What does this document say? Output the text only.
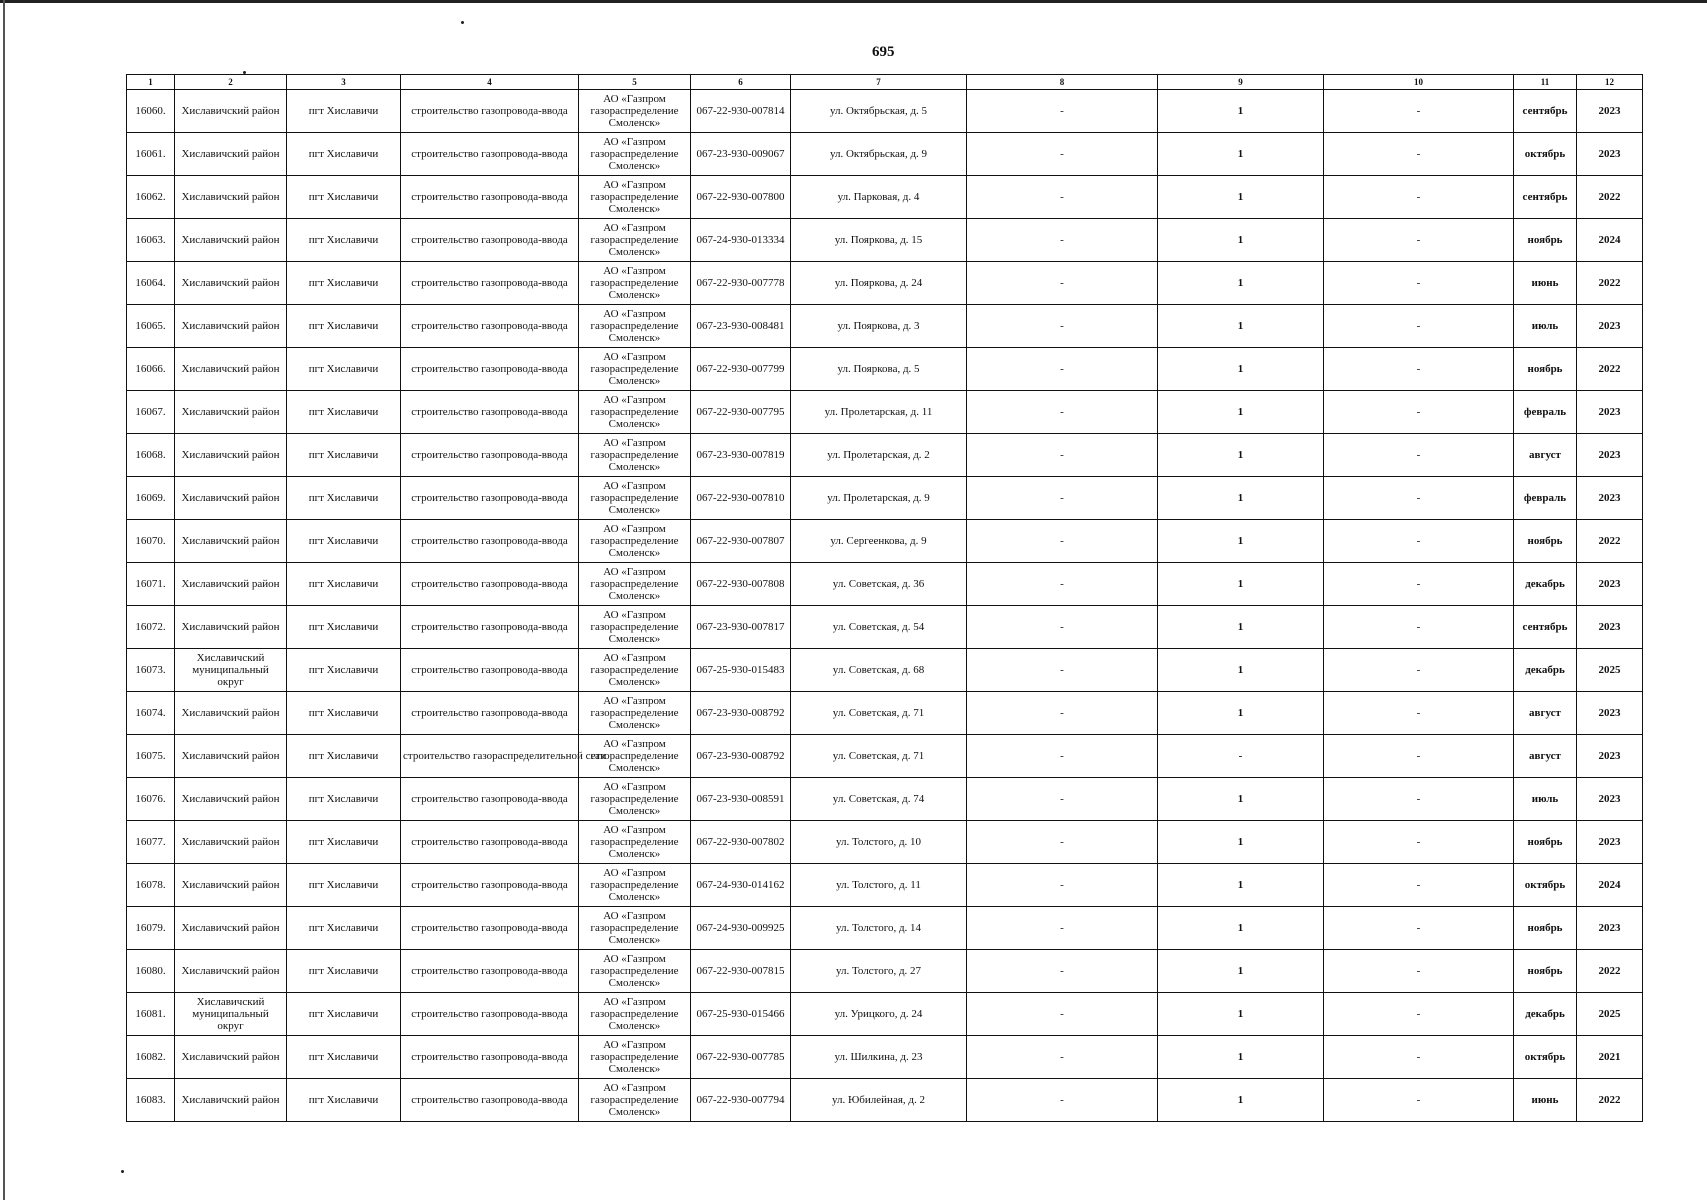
695
1	2	3	4	5	6	7	8	9	10	11	12
16060.	Хиславичский район	пгт Хиславичи	строительство газопровода-ввода	АО «Газпром
газораспределение
Смоленск»	067-22-930-007814	ул. Октябрьская, д. 5	-	1	-	сентябрь	2023
16061.	Хиславичский район	пгт Хиславичи	строительство газопровода-ввода	АО «Газпром
газораспределение
Смоленск»	067-23-930-009067	ул. Октябрьская, д. 9	-	1	-	октябрь	2023
16062.	Хиславичский район	пгт Хиславичи	строительство газопровода-ввода	АО «Газпром
газораспределение
Смоленск»	067-22-930-007800	ул. Парковая, д. 4	-	1	-	сентябрь	2022
16063.	Хиславичский район	пгт Хиславичи	строительство газопровода-ввода	АО «Газпром
газораспределение
Смоленск»	067-24-930-013334	ул. Пояркова, д. 15	-	1	-	ноябрь	2024
16064.	Хиславичский район	пгт Хиславичи	строительство газопровода-ввода	АО «Газпром
газораспределение
Смоленск»	067-22-930-007778	ул. Пояркова, д. 24	-	1	-	июнь	2022
16065.	Хиславичский район	пгт Хиславичи	строительство газопровода-ввода	АО «Газпром
газораспределение
Смоленск»	067-23-930-008481	ул. Пояркова, д. 3	-	1	-	июль	2023
16066.	Хиславичский район	пгт Хиславичи	строительство газопровода-ввода	АО «Газпром
газораспределение
Смоленск»	067-22-930-007799	ул. Пояркова, д. 5	-	1	-	ноябрь	2022
16067.	Хиславичский район	пгт Хиславичи	строительство газопровода-ввода	АО «Газпром
газораспределение
Смоленск»	067-22-930-007795	ул. Пролетарская, д. 11	-	1	-	февраль	2023
16068.	Хиславичский район	пгт Хиславичи	строительство газопровода-ввода	АО «Газпром
газораспределение
Смоленск»	067-23-930-007819	ул. Пролетарская, д. 2	-	1	-	август	2023
16069.	Хиславичский район	пгт Хиславичи	строительство газопровода-ввода	АО «Газпром
газораспределение
Смоленск»	067-22-930-007810	ул. Пролетарская, д. 9	-	1	-	февраль	2023
16070.	Хиславичский район	пгт Хиславичи	строительство газопровода-ввода	АО «Газпром
газораспределение
Смоленск»	067-22-930-007807	ул. Сергеенкова, д. 9	-	1	-	ноябрь	2022
16071.	Хиславичский район	пгт Хиславичи	строительство газопровода-ввода	АО «Газпром
газораспределение
Смоленск»	067-22-930-007808	ул. Советская, д. 36	-	1	-	декабрь	2023
16072.	Хиславичский район	пгт Хиславичи	строительство газопровода-ввода	АО «Газпром
газораспределение
Смоленск»	067-23-930-007817	ул. Советская, д. 54	-	1	-	сентябрь	2023
16073.	Хиславичский
муниципальный
округ	пгт Хиславичи	строительство газопровода-ввода	АО «Газпром
газораспределение
Смоленск»	067-25-930-015483	ул. Советская, д. 68	-	1	-	декабрь	2025
16074.	Хиславичский район	пгт Хиславичи	строительство газопровода-ввода	АО «Газпром
газораспределение
Смоленск»	067-23-930-008792	ул. Советская, д. 71	-	1	-	август	2023
16075.	Хиславичский район	пгт Хиславичи	строительство газораспределительной сети	АО «Газпром
газораспределение
Смоленск»	067-23-930-008792	ул. Советская, д. 71	-	-	-	август	2023
16076.	Хиславичский район	пгт Хиславичи	строительство газопровода-ввода	АО «Газпром
газораспределение
Смоленск»	067-23-930-008591	ул. Советская, д. 74	-	1	-	июль	2023
16077.	Хиславичский район	пгт Хиславичи	строительство газопровода-ввода	АО «Газпром
газораспределение
Смоленск»	067-22-930-007802	ул. Толстого, д. 10	-	1	-	ноябрь	2023
16078.	Хиславичский район	пгт Хиславичи	строительство газопровода-ввода	АО «Газпром
газораспределение
Смоленск»	067-24-930-014162	ул. Толстого, д. 11	-	1	-	октябрь	2024
16079.	Хиславичский район	пгт Хиславичи	строительство газопровода-ввода	АО «Газпром
газораспределение
Смоленск»	067-24-930-009925	ул. Толстого, д. 14	-	1	-	ноябрь	2023
16080.	Хиславичский район	пгт Хиславичи	строительство газопровода-ввода	АО «Газпром
газораспределение
Смоленск»	067-22-930-007815	ул. Толстого, д. 27	-	1	-	ноябрь	2022
16081.	Хиславичский
муниципальный
округ	пгт Хиславичи	строительство газопровода-ввода	АО «Газпром
газораспределение
Смоленск»	067-25-930-015466	ул. Урицкого, д. 24	-	1	-	декабрь	2025
16082.	Хиславичский район	пгт Хиславичи	строительство газопровода-ввода	АО «Газпром
газораспределение
Смоленск»	067-22-930-007785	ул. Шилкина, д. 23	-	1	-	октябрь	2021
16083.	Хиславичский район	пгт Хиславичи	строительство газопровода-ввода	АО «Газпром
газораспределение
Смоленск»	067-22-930-007794	ул. Юбилейная, д. 2	-	1	-	июнь	2022
